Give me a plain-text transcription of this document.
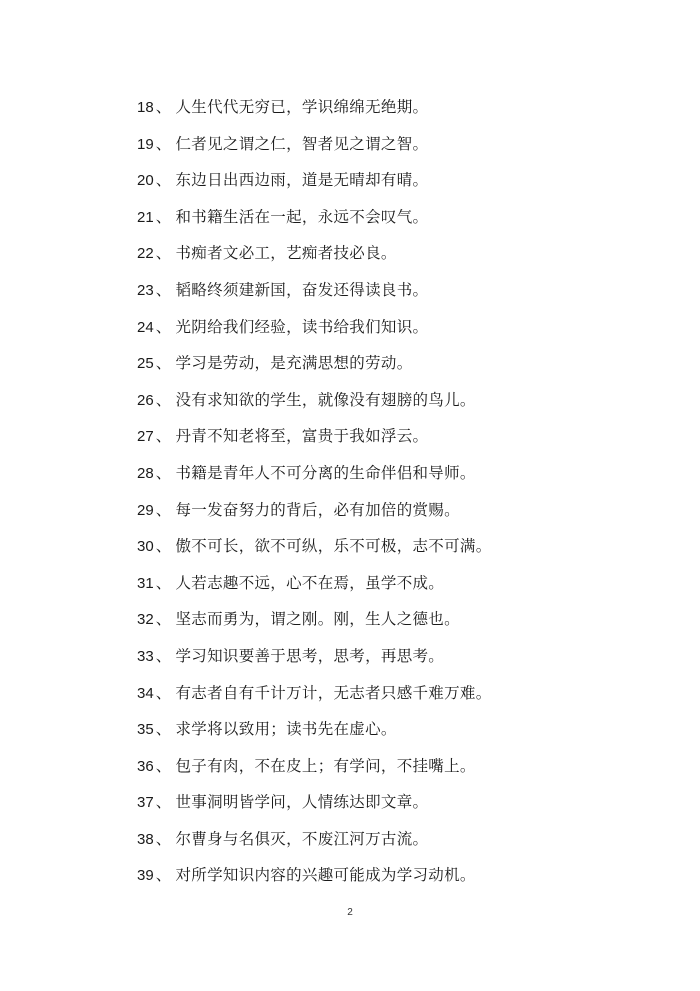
18 、 人生代代无穷已，学识绵绵无绝期。
19 、 仁者见之谓之仁，智者见之谓之智。
20 、 东边日出西边雨，道是无晴却有晴。
21 、 和书籍生活在一起，永远不会叹气。
22 、 书痴者文必工，艺痴者技必良。
23 、 韬略终须建新国，奋发还得读良书。
24 、 光阴给我们经验，读书给我们知识。
25 、 学习是劳动，是充满思想的劳动。
26 、 没有求知欲的学生，就像没有翅膀的鸟儿。
27 、 丹青不知老将至，富贵于我如浮云。
28 、 书籍是青年人不可分离的生命伴侣和导师。
29 、 每一发奋努力的背后，必有加倍的赏赐。
30 、 傲不可长，欲不可纵，乐不可极，志不可满。
31 、 人若志趣不远，心不在焉，虽学不成。
32 、 坚志而勇为，谓之刚。刚，生人之德也。
33 、 学习知识要善于思考，思考，再思考。
34 、 有志者自有千计万计，无志者只感千难万难。
35 、 求学将以致用；读书先在虚心。
36 、 包子有肉，不在皮上；有学问，不挂嘴上。
37 、 世事洞明皆学问，人情练达即文章。
38 、 尔曹身与名俱灭，不废江河万古流。
39 、 对所学知识内容的兴趣可能成为学习动机。
2
